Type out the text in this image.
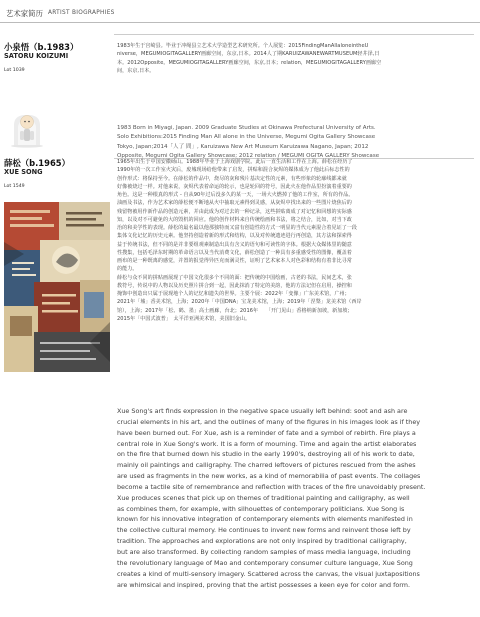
艺术家简历 ARTIST BIOGRAPHIES
小泉悟（b.1983）
SATORU KOIZUMI
Lot 1039

1983年生于宫崎县。毕业于冲绳县立艺术大学造型艺术研究所。个人展览：2015FindingManAllaloneintheU

niverse，MEGUMIOGITAGALLERY画廊空间，东京,日本。2014人了期KARUIZAWANEWARTMUSEUM轻井泽,日

本。2012Opposite。MEGUMIOGITAGALLERY画廊空间，东京,日本；relation，MEGUMIOGITAGALLERY画廊空

间，东京,日本。

1983 Born in Miyagi, Japan. 2009 Graduate Studies at Okinawa Prefectural University of Arts.

Solo Exhibitions:2015 Finding Man All alone in the Universe, Megumi Ogita Gallery Showcase

Tokyo, Japan;2014「人了 間」, Karuizawa New Art Museum Karuizawa Nagano, Japan; 2012

Opposite, Megumi Ogita Gallery Showcase; 2012 relation / MEGUMI OGITA GALLERY Showcase

薛松（b.1965）
XUE SONG
Lot 1549

1965年出生于中国安徽砀山。1988年毕业于上海戏剧学院。此后一直生活和工作在上海。薛松在经历了

1990年的一次工作室火灾后，废墟现场给他带来了启发，拼贴和混合灰烬的媒体成为了他此后标志性的

创作形式：将保持至今。在薛松的作品中，烧尽的灰和残片基决定性的元素，有些形象的轮廓线都来就

好像被烧过一样。对他来说，灰烬代表着命运的轮示，也是轮回的符号，因此火在他作品里扮演着重要的

角色。这是一种根真的形式 - 自从90年过后没多久的某一天，一场大火燃掉了他的工作室，所有的作品。

油画及书法，作为艺术家的薛松便不断地从火中抽取元素得到灵感，从灰烬中找出来的一些图片烧焦后的

残留物被用作新作品的创造元素，并由此成为对过去的一种记录，这些拼贴离成了对记忆和回想的实际感

知，以及对不可避免的大的毁机的回应。他的创作材料来自传统绘画和书法，将之结合，比如，对当下政

治的和美学性的表现。薛松的最名最以他那独特而又富有创造性的方式一明显的当代元素混合着见证了一段

集体文化记忆的历史元素。他坚持创造着新的形式和结构，以及对传统遗迹进行再创造，其方法和探索得

益于传统书法，但不同的是并非要组观素制造出具有含义的语句和可读性的字体。根据大众媒体里的随意

性搜集，包括毛泽东时期的革命语言以及当代消费文化，薛松创造了一种具有多重感受性的图像，覆盖着

画布的是一种既离的感觉，并置的报觉得异匹克而满灵性，证明了艺术家本人对色彩和结构有着非比寻常

的能力。

薛松与众不同的拼贴画展现了中国文化很多个不同的面：把传统的中国绘画，古老的书法，民间艺术，张

教符号，传说中的人物以及历史照片拼合到一起，因此抹消了特定的美韵，他的方法记但在启用，操控和

掩饰中创造出只属于展现地个人的记忆和遗失的世界。主要个展：2022年「变像」广东美术馆，广州；

2021年「墟」香美术馆，上海；2020年「中国DNA」宝龙美术馆，上海；2019年「涅槃」龙美术馆（西岸

馆），上海；2017年「松、鹤、墨」高士画廊，台北；2016年　　「开门见山」香格纳新加坡，新加坡；

2015年「中国式波普」　太平洋亚洲美术馆，美国旧金山。

Xue Song's art finds expression in the negative space usually left behind: soot and ash are

crucial elements in his art, and the outlines of many of the figures in his images look as if they

have been burned out. For Xue, ash is a reminder of fate and a symbol of rebirth. Fire plays a

central role in Xue Song's work. It is a form of mourning. Time and again the artist elaborates

on the fire that burned down his studio in the early 1990's, destroying all of his work to date,

mainly oil paintings and calligraphy. The charred leftovers of pictures rescued from the ashes

are used as fragments in the new works, as a kind of memorabilia of past events. The collages

become a tactile site of remembrance and reflection with traces of the fire unavoidably present.

Xue produces scenes that pick up on themes of traditional painting and calligraphy, as well

as combines them, for example, with silhouettes of contemporary politicians. Xue Song is

known for his innovative integration of contemporary elements with elements manifested in

the collective cultural memory. He continues to invent new forms and reinvent those left by

tradition. The approaches and explorations are not only inspired by traditional calligraphy,

but are also transformed. By collecting random samples of mass media language, including

the revolutionary language of Mao and contemporary consumer culture language, Xue Song

creates a kind of multi-sensory imagery. Scattered across the canvas, the visual juxtapositions

are whimsical and inspired, proving that the artist possesses a keen eye for color and form.
